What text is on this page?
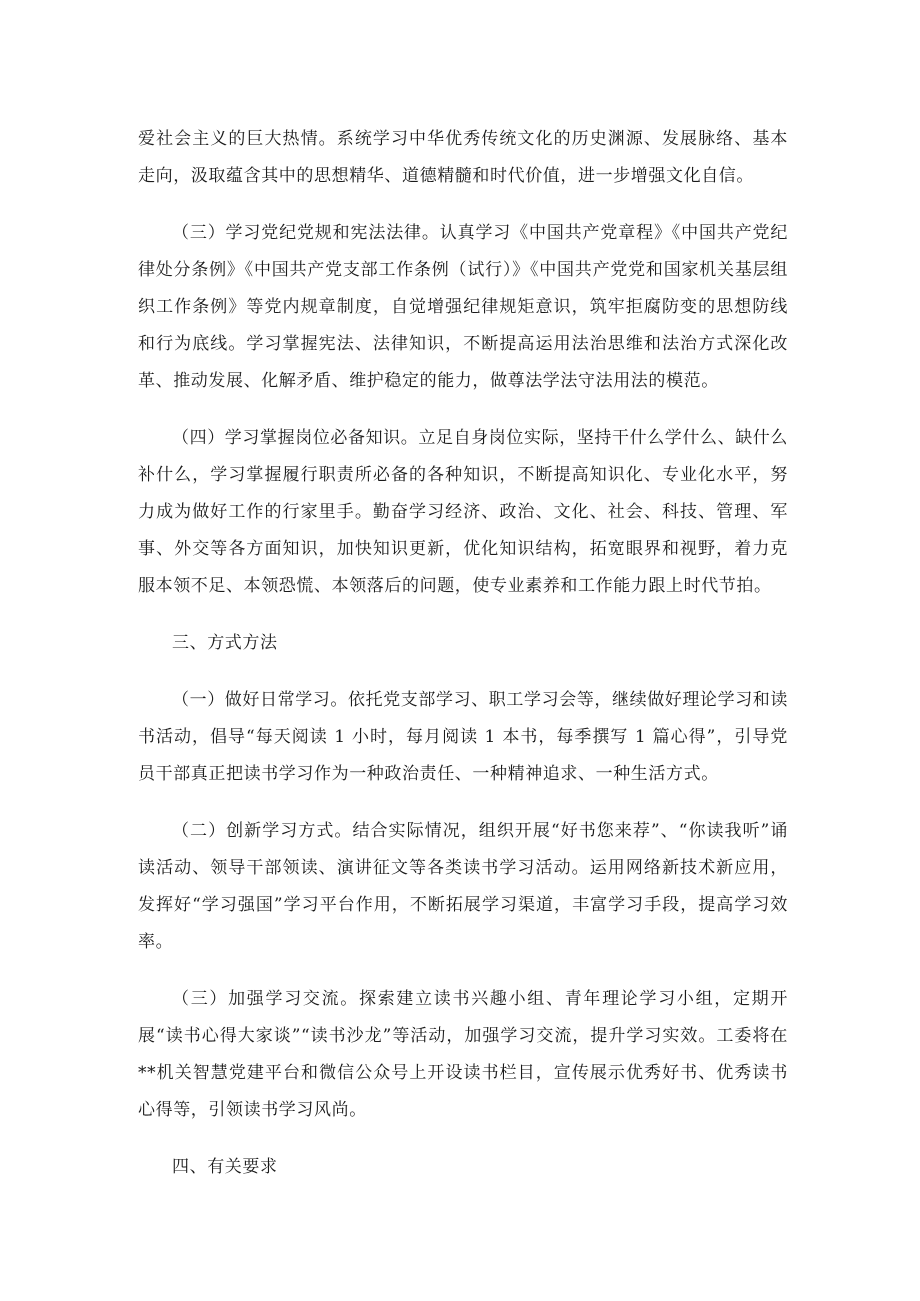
爱社会主义的巨大热情。系统学习中华优秀传统文化的历史渊源、发展脉络、基本走向，汲取蕴含其中的思想精华、道德精髓和时代价值，进一步增强文化自信。

（三）学习党纪党规和宪法法律。认真学习《中国共产党章程》《中国共产党纪律处分条例》《中国共产党支部工作条例（试行）》《中国共产党党和国家机关基层组织工作条例》等党内规章制度，自觉增强纪律规矩意识，筑牢拒腐防变的思想防线和行为底线。学习掌握宪法、法律知识，不断提高运用法治思维和法治方式深化改革、推动发展、化解矛盾、维护稳定的能力，做尊法学法守法用法的模范。

（四）学习掌握岗位必备知识。立足自身岗位实际，坚持干什么学什么、缺什么补什么，学习掌握履行职责所必备的各种知识，不断提高知识化、专业化水平，努力成为做好工作的行家里手。勤奋学习经济、政治、文化、社会、科技、管理、军事、外交等各方面知识，加快知识更新，优化知识结构，拓宽眼界和视野，着力克服本领不足、本领恐慌、本领落后的问题，使专业素养和工作能力跟上时代节拍。

三、方式方法

（一）做好日常学习。依托党支部学习、职工学习会等，继续做好理论学习和读书活动，倡导“每天阅读 1 小时，每月阅读 1 本书，每季撰写 1 篇心得”，引导党员干部真正把读书学习作为一种政治责任、一种精神追求、一种生活方式。

（二）创新学习方式。结合实际情况，组织开展“好书您来荐”、“你读我听”诵读活动、领导干部领读、演讲征文等各类读书学习活动。运用网络新技术新应用，发挥好“学习强国”学习平台作用，不断拓展学习渠道，丰富学习手段，提高学习效率。

（三）加强学习交流。探索建立读书兴趣小组、青年理论学习小组，定期开展“读书心得大家谈”“读书沙龙”等活动，加强学习交流，提升学习实效。工委将在**机关智慧党建平台和微信公众号上开设读书栏目，宣传展示优秀好书、优秀读书心得等，引领读书学习风尚。

四、有关要求
